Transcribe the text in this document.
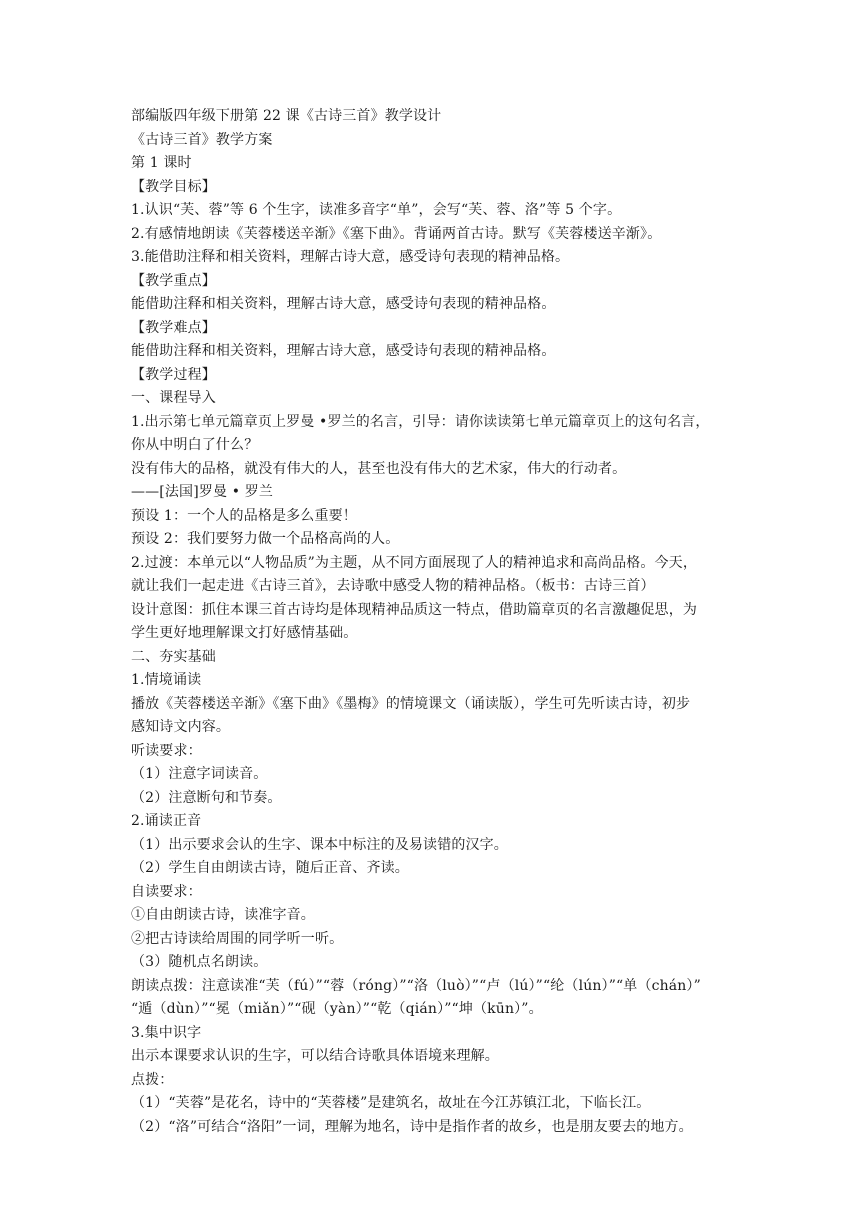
部编版四年级下册第 22 课《古诗三首》教学设计
《古诗三首》教学方案
第 1 课时
【教学目标】
1.认识“芙、蓉”等 6 个生字，读准多音字“单”，会写“芙、蓉、洛”等 5 个字。
2.有感情地朗读《芙蓉楼送辛渐》《塞下曲》。背诵两首古诗。默写《芙蓉楼送辛渐》。
3.能借助注释和相关资料，理解古诗大意，感受诗句表现的精神品格。
【教学重点】
能借助注释和相关资料，理解古诗大意，感受诗句表现的精神品格。
【教学难点】
能借助注释和相关资料，理解古诗大意，感受诗句表现的精神品格。
【教学过程】
一、课程导入
1.出示第七单元篇章页上罗曼 •罗兰的名言，引导：请你读读第七单元篇章页上的这句名言，
你从中明白了什么？
没有伟大的品格，就没有伟大的人，甚至也没有伟大的艺术家，伟大的行动者。
——[法国]罗曼 • 罗兰
预设 1：一个人的品格是多么重要！
预设 2：我们要努力做一个品格高尚的人。
2.过渡：本单元以“人物品质”为主题，从不同方面展现了人的精神追求和高尚品格。今天，
就让我们一起走进《古诗三首》，去诗歌中感受人物的精神品格。（板书：古诗三首）
设计意图：抓住本课三首古诗均是体现精神品质这一特点，借助篇章页的名言激趣促思，为
学生更好地理解课文打好感情基础。
二、夯实基础
1.情境诵读
播放《芙蓉楼送辛渐》《塞下曲》《墨梅》的情境课文（诵读版），学生可先听读古诗，初步
感知诗文内容。
听读要求：
（1）注意字词读音。
（2）注意断句和节奏。
2.诵读正音
（1）出示要求会认的生字、课本中标注的及易读错的汉字。
（2）学生自由朗读古诗，随后正音、齐读。
自读要求：
①自由朗读古诗，读准字音。
②把古诗读给周围的同学听一听。
（3）随机点名朗读。
朗读点拨：注意读准“芙（fú）”“蓉（róng）”“洛（luò）”“卢（lú）”“纶（lún）”“单（chán）”
“遁（dùn）”“冕（miǎn）”“砚（yàn）”“乾（qián）”“坤（kūn）”。
3.集中识字
出示本课要求认识的生字，可以结合诗歌具体语境来理解。
点拨：
（1）“芙蓉”是花名，诗中的“芙蓉楼”是建筑名，故址在今江苏镇江北，下临长江。
（2）“洛”可结合“洛阳”一词，理解为地名，诗中是指作者的故乡，也是朋友要去的地方。
